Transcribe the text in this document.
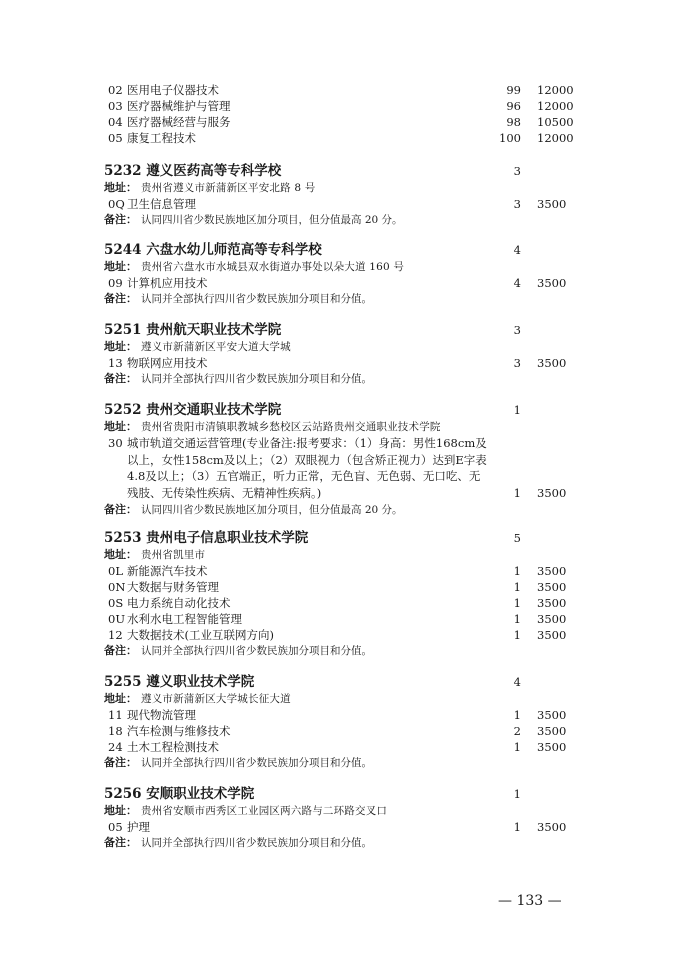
02 医用电子仪器技术	99 12000
03 医疗器械维护与管理	96 12000
04 医疗器械经营与服务	98 10500
05 康复工程技术	100 12000
5232 遵义医药高等专科学校	3
地址： 贵州省遵义市新蒲新区平安北路 8 号
0Q 卫生信息管理	3 3500
备注： 认同四川省少数民族地区加分项目，但分值最高 20 分。
5244 六盘水幼儿师范高等专科学校	4
地址： 贵州省六盘水市水城县双水街道办事处以朵大道 160 号
09 计算机应用技术	4 3500
备注： 认同并全部执行四川省少数民族加分项目和分值。
5251 贵州航天职业技术学院	3
地址： 遵义市新蒲新区平安大道大学城
13 物联网应用技术	3 3500
备注： 认同并全部执行四川省少数民族加分项目和分值。
5252 贵州交通职业技术学院	1
地址： 贵州省贵阳市清镇职教城乡愁校区云站路贵州交通职业技术学院
30 城市轨道交通运营管理(专业备注:报考要求：（1）身高：男性168cm及
以上，女性158cm及以上；（2）双眼视力（包含矫正视力）达到E字表
4.8及以上；（3）五官端正，听力正常，无色盲、无色弱、无口吃、无
残肢、无传染性疾病、无精神性疾病。)	1 3500
备注： 认同四川省少数民族地区加分项目，但分值最高 20 分。
5253 贵州电子信息职业技术学院	5
地址： 贵州省凯里市
0L 新能源汽车技术	1 3500
0N 大数据与财务管理	1 3500
0S 电力系统自动化技术	1 3500
0U 水利水电工程智能管理	1 3500
12 大数据技术(工业互联网方向)	1 3500
备注： 认同并全部执行四川省少数民族加分项目和分值。
5255 遵义职业技术学院	4
地址： 遵义市新蒲新区大学城长征大道
11 现代物流管理	1 3500
18 汽车检测与维修技术	2 3500
24 土木工程检测技术	1 3500
备注： 认同并全部执行四川省少数民族加分项目和分值。
5256 安顺职业技术学院	1
地址： 贵州省安顺市西秀区工业园区两六路与二环路交叉口
05 护理	1 3500
备注： 认同并全部执行四川省少数民族加分项目和分值。
— 133 —
